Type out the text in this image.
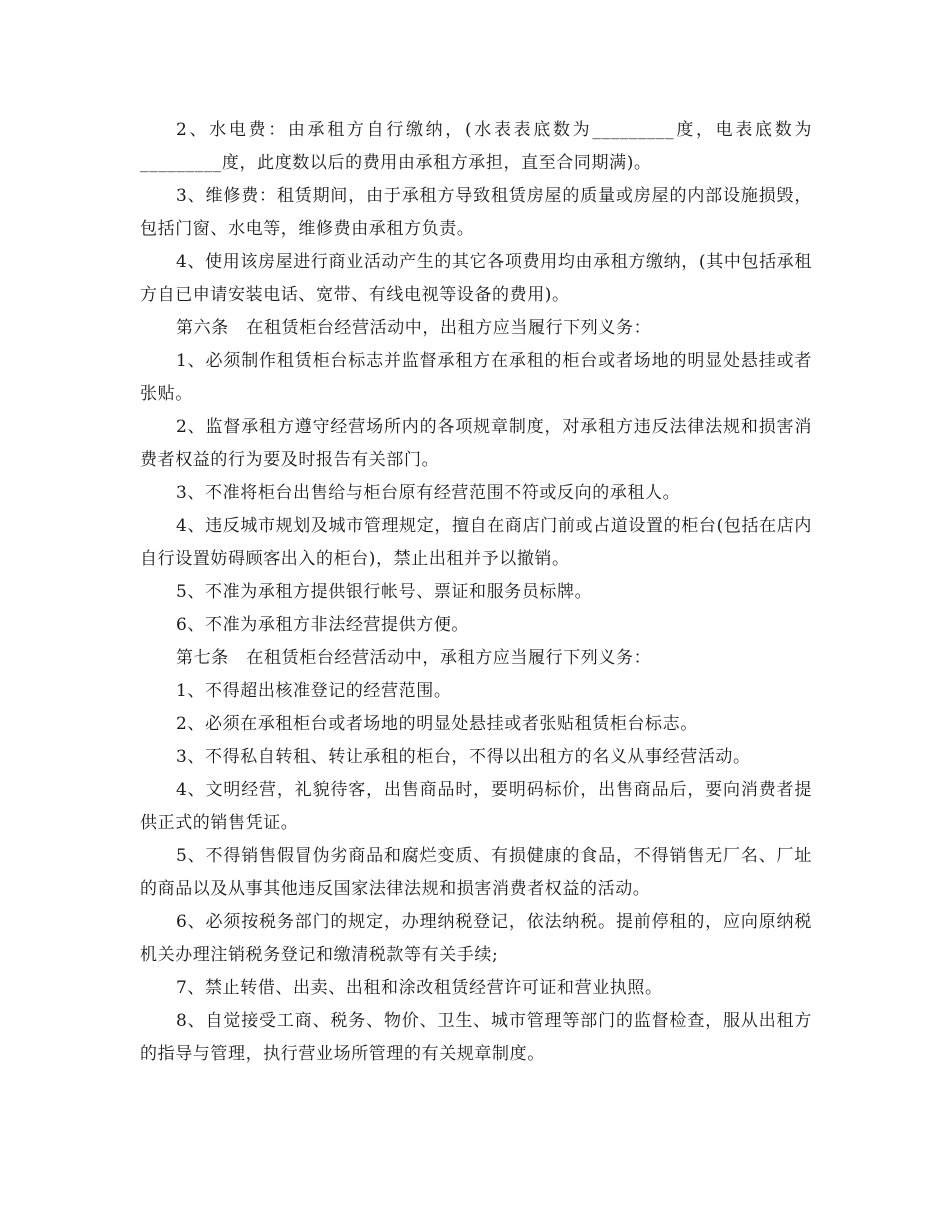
2、水电费：由承租方自行缴纳，(水表表底数为_________度，电表底数为_________度，此度数以后的费用由承租方承担，直至合同期满)。

3、维修费：租赁期间，由于承租方导致租赁房屋的质量或房屋的内部设施损毁，包括门窗、水电等，维修费由承租方负责。

4、使用该房屋进行商业活动产生的其它各项费用均由承租方缴纳，(其中包括承租方自已申请安装电话、宽带、有线电视等设备的费用)。

第六条　在租赁柜台经营活动中，出租方应当履行下列义务：

1、必须制作租赁柜台标志并监督承租方在承租的柜台或者场地的明显处悬挂或者张贴。

2、监督承租方遵守经营场所内的各项规章制度，对承租方违反法律法规和损害消费者权益的行为要及时报告有关部门。

3、不准将柜台出售给与柜台原有经营范围不符或反向的承租人。

4、违反城市规划及城市管理规定，擅自在商店门前或占道设置的柜台(包括在店内自行设置妨碍顾客出入的柜台)，禁止出租并予以撤销。

5、不准为承租方提供银行帐号、票证和服务员标牌。

6、不准为承租方非法经营提供方便。

第七条　在租赁柜台经营活动中，承租方应当履行下列义务：

1、不得超出核准登记的经营范围。

2、必须在承租柜台或者场地的明显处悬挂或者张贴租赁柜台标志。

3、不得私自转租、转让承租的柜台，不得以出租方的名义从事经营活动。

4、文明经营，礼貌待客，出售商品时，要明码标价，出售商品后，要向消费者提供正式的销售凭证。

5、不得销售假冒伪劣商品和腐烂变质、有损健康的食品，不得销售无厂名、厂址的商品以及从事其他违反国家法律法规和损害消费者权益的活动。

6、必须按税务部门的规定，办理纳税登记，依法纳税。提前停租的，应向原纳税机关办理注销税务登记和缴清税款等有关手续;

7、禁止转借、出卖、出租和涂改租赁经营许可证和营业执照。

8、自觉接受工商、税务、物价、卫生、城市管理等部门的监督检查，服从出租方的指导与管理，执行营业场所管理的有关规章制度。
